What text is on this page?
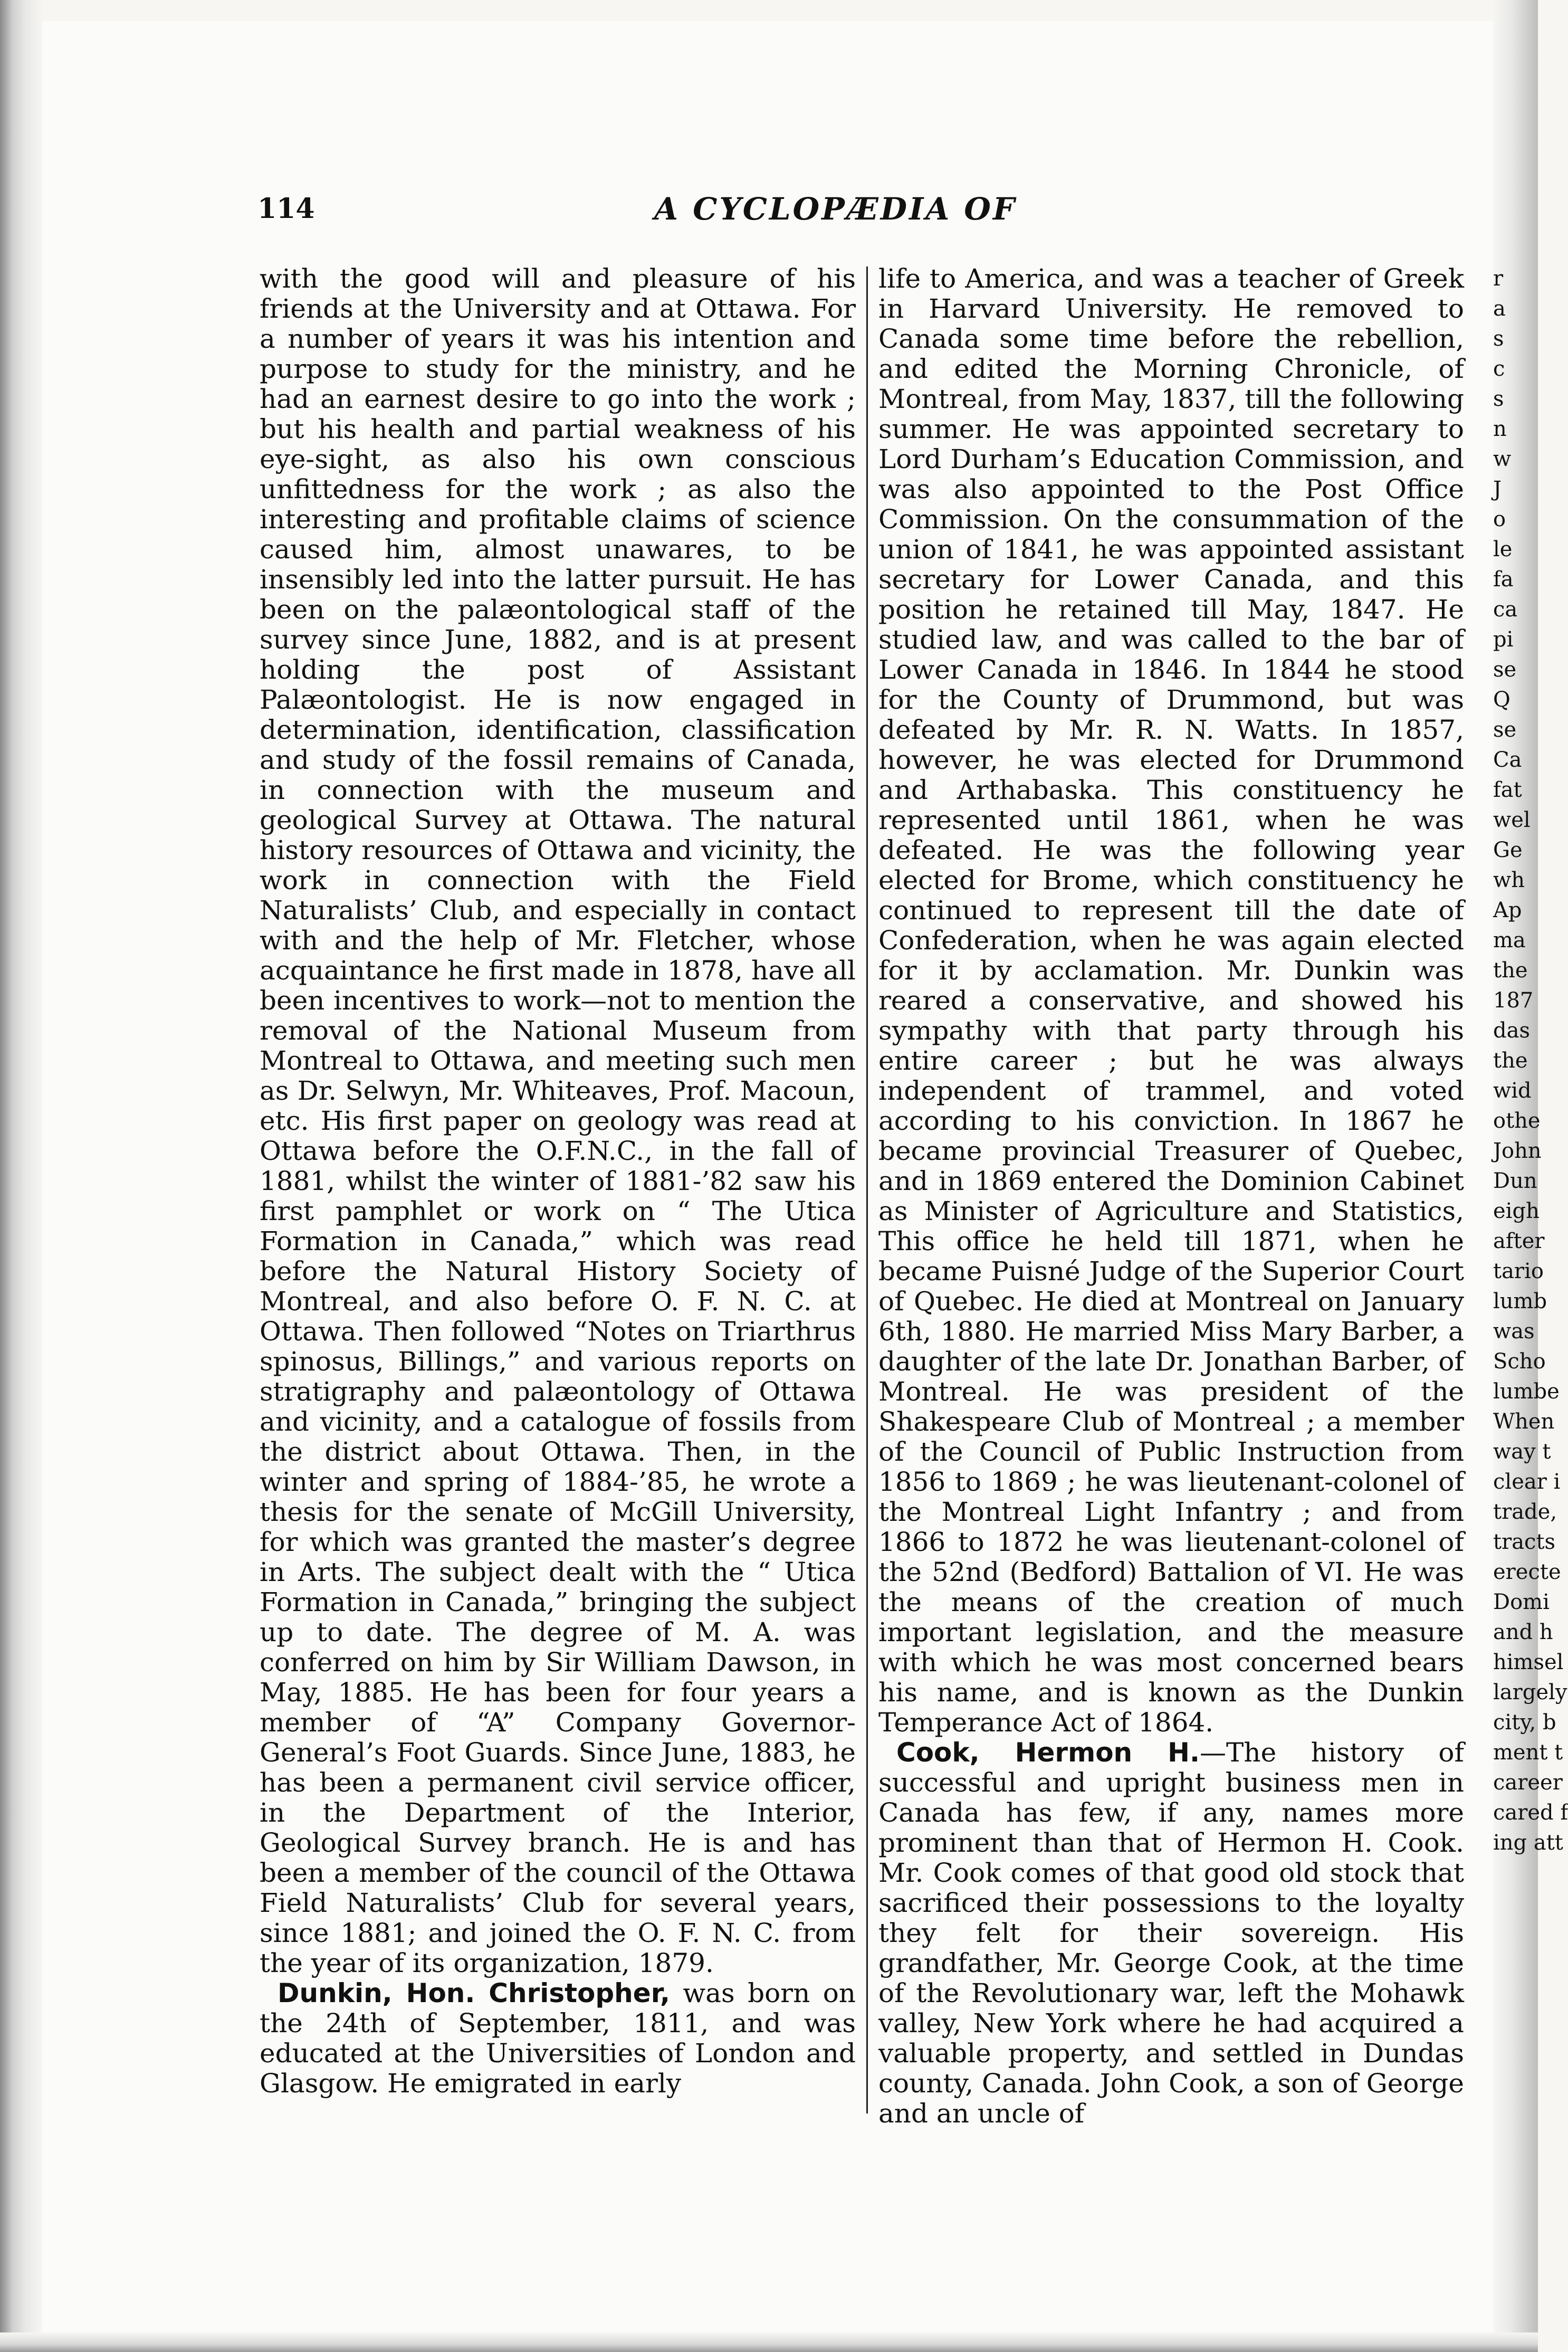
114	A CYCLOPÆDIA OF

with the good will and pleasure of his friends at the University and at Ottawa. For a number of years it was his intention and purpose to study for the ministry, and he had an earnest desire to go into the work ; but his health and partial weakness of his eye-sight, as also his own conscious unfittedness for the work ; as also the interesting and profitable claims of science caused him, almost unawares, to be insensibly led into the latter pursuit. He has been on the palæontological staff of the survey since June, 1882, and is at present holding the post of Assistant Palæontologist. He is now engaged in determination, identification, classification and study of the fossil remains of Canada, in connection with the museum and geological Survey at Ottawa. The natural history resources of Ottawa and vicinity, the work in connection with the Field Naturalists’ Club, and especially in contact with and the help of Mr. Fletcher, whose acquaintance he first made in 1878, have all been incentives to work—not to mention the removal of the National Museum from Montreal to Ottawa, and meeting such men as Dr. Selwyn, Mr. Whiteaves, Prof. Macoun, etc. His first paper on geology was read at Ottawa before the O.F.N.C., in the fall of 1881, whilst the winter of 1881-’82 saw his first pamphlet or work on “ The Utica Formation in Canada,” which was read before the Natural History Society of Montreal, and also before O. F. N. C. at Ottawa. Then followed “Notes on Triarthrus spinosus, Billings,” and various reports on stratigraphy and palæontology of Ottawa and vicinity, and a catalogue of fossils from the district about Ottawa. Then, in the winter and spring of 1884-’85, he wrote a thesis for the senate of McGill University, for which was granted the master’s degree in Arts. The subject dealt with the “ Utica Formation in Canada,” bringing the subject up to date. The degree of M. A. was conferred on him by Sir William Dawson, in May, 1885. He has been for four years a member of “A” Company Governor-General’s Foot Guards. Since June, 1883, he has been a permanent civil service officer, in the Department of the Interior, Geological Survey branch. He is and has been a member of the council of the Ottawa Field Naturalists’ Club for several years, since 1881; and joined the O. F. N. C. from the year of its organization, 1879.

Dunkin, Hon. Christopher, was born on the 24th of September, 1811, and was educated at the Universities of London and Glasgow. He emigrated in early

life to America, and was a teacher of Greek in Harvard University. He removed to Canada some time before the rebellion, and edited the Morning Chronicle, of Montreal, from May, 1837, till the following summer. He was appointed secretary to Lord Durham’s Education Commission, and was also appointed to the Post Office Commission. On the consummation of the union of 1841, he was appointed assistant secretary for Lower Canada, and this position he retained till May, 1847. He studied law, and was called to the bar of Lower Canada in 1846. In 1844 he stood for the County of Drummond, but was defeated by Mr. R. N. Watts. In 1857, however, he was elected for Drummond and Arthabaska. This constituency he represented until 1861, when he was defeated. He was the following year elected for Brome, which constituency he continued to represent till the date of Confederation, when he was again elected for it by acclamation. Mr. Dunkin was reared a conservative, and showed his sympathy with that party through his entire career ; but he was always independent of trammel, and voted according to his conviction. In 1867 he became provincial Treasurer of Quebec, and in 1869 entered the Dominion Cabinet as Minister of Agriculture and Statistics, This office he held till 1871, when he became Puisné Judge of the Superior Court of Quebec. He died at Montreal on January 6th, 1880. He married Miss Mary Barber, a daughter of the late Dr. Jonathan Barber, of Montreal. He was president of the Shakespeare Club of Montreal ; a member of the Council of Public Instruction from 1856 to 1869 ; he was lieutenant-colonel of the Montreal Light Infantry ; and from 1866 to 1872 he was lieutenant-colonel of the 52nd (Bedford) Battalion of VI. He was the means of the creation of much important legislation, and the measure with which he was most concerned bears his name, and is known as the Dunkin Temperance Act of 1864.

Cook, Hermon H.—The history of successful and upright business men in Canada has few, if any, names more prominent than that of Hermon H. Cook. Mr. Cook comes of that good old stock that sacrificed their possessions to the loyalty they felt for their sovereign. His grandfather, Mr. George Cook, at the time of the Revolutionary war, left the Mohawk valley, New York where he had acquired a valuable property, and settled in Dundas county, Canada. John Cook, a son of George and an uncle of

r
a
s
c
s
n
w
J
o
le
fa
ca
pi
se
Q
se
Ca
fat
wel
Ge
wh
Ap
ma
the
187
das
the
wid
othe
John
Dun
eigh
after
tario
lumb
was
Scho
lumbe
When
way t
clear i
trade,
tracts
erecte
Domi
and h
himsel
largely
city, b
ment t
career
cared f
ing att
